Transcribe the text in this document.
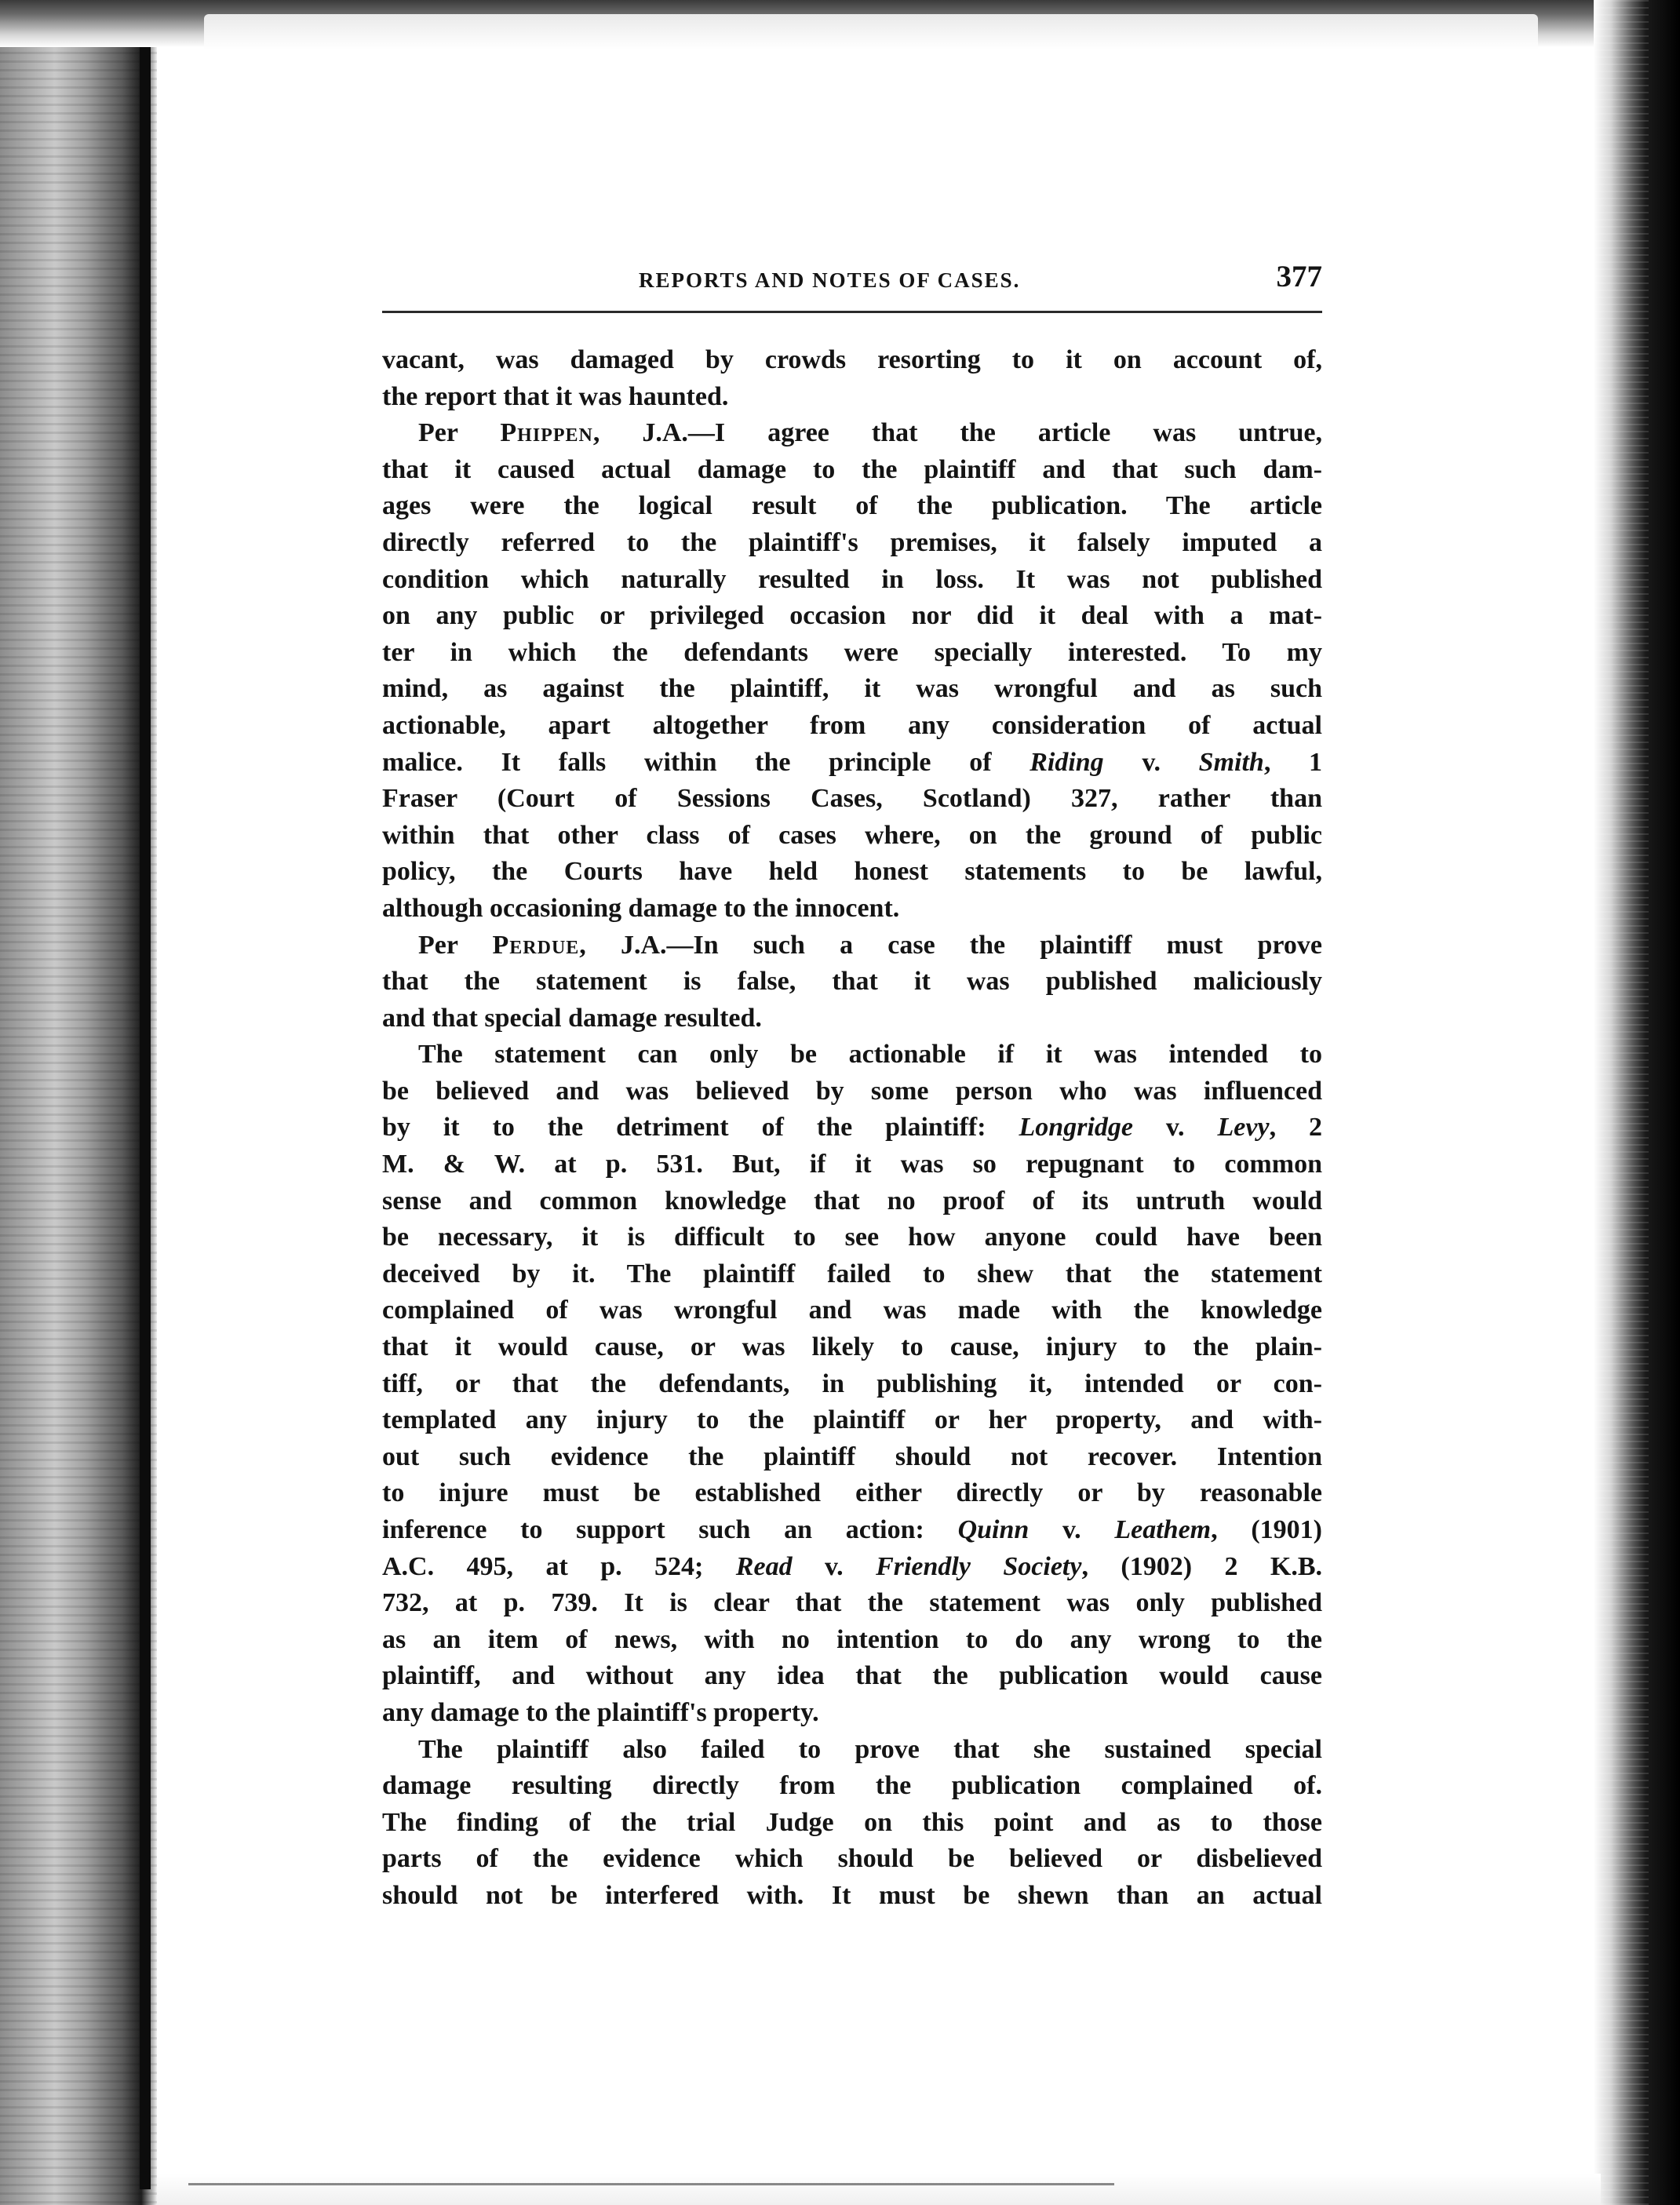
REPORTS AND NOTES OF CASES.	377
vacant, was damaged by crowds resorting to it on account of,
the report that it was haunted.
Per Phippen, J.A.—I agree that the article was untrue,
that it caused actual damage to the plaintiff and that such dam-
ages were the logical result of the publication. The article
directly referred to the plaintiff's premises, it falsely imputed a
condition which naturally resulted in loss. It was not published
on any public or privileged occasion nor did it deal with a mat-
ter in which the defendants were specially interested. To my
mind, as against the plaintiff, it was wrongful and as such
actionable, apart altogether from any consideration of actual
malice. It falls within the principle of Riding v. Smith, 1
Fraser (Court of Sessions Cases, Scotland) 327, rather than
within that other class of cases where, on the ground of public
policy, the Courts have held honest statements to be lawful,
although occasioning damage to the innocent.
Per Perdue, J.A.—In such a case the plaintiff must prove
that the statement is false, that it was published maliciously
and that special damage resulted.
The statement can only be actionable if it was intended to
be believed and was believed by some person who was influenced
by it to the detriment of the plaintiff: Longridge v. Levy, 2
M. & W. at p. 531. But, if it was so repugnant to common
sense and common knowledge that no proof of its untruth would
be necessary, it is difficult to see how anyone could have been
deceived by it. The plaintiff failed to shew that the statement
complained of was wrongful and was made with the knowledge
that it would cause, or was likely to cause, injury to the plain-
tiff, or that the defendants, in publishing it, intended or con-
templated any injury to the plaintiff or her property, and with-
out such evidence the plaintiff should not recover. Intention
to injure must be established either directly or by reasonable
inference to support such an action: Quinn v. Leathem, (1901)
A.C. 495, at p. 524; Read v. Friendly Society, (1902) 2 K.B.
732, at p. 739. It is clear that the statement was only published
as an item of news, with no intention to do any wrong to the
plaintiff, and without any idea that the publication would cause
any damage to the plaintiff's property.
The plaintiff also failed to prove that she sustained special
damage resulting directly from the publication complained of.
The finding of the trial Judge on this point and as to those
parts of the evidence which should be believed or disbelieved
should not be interfered with. It must be shewn than an actual
